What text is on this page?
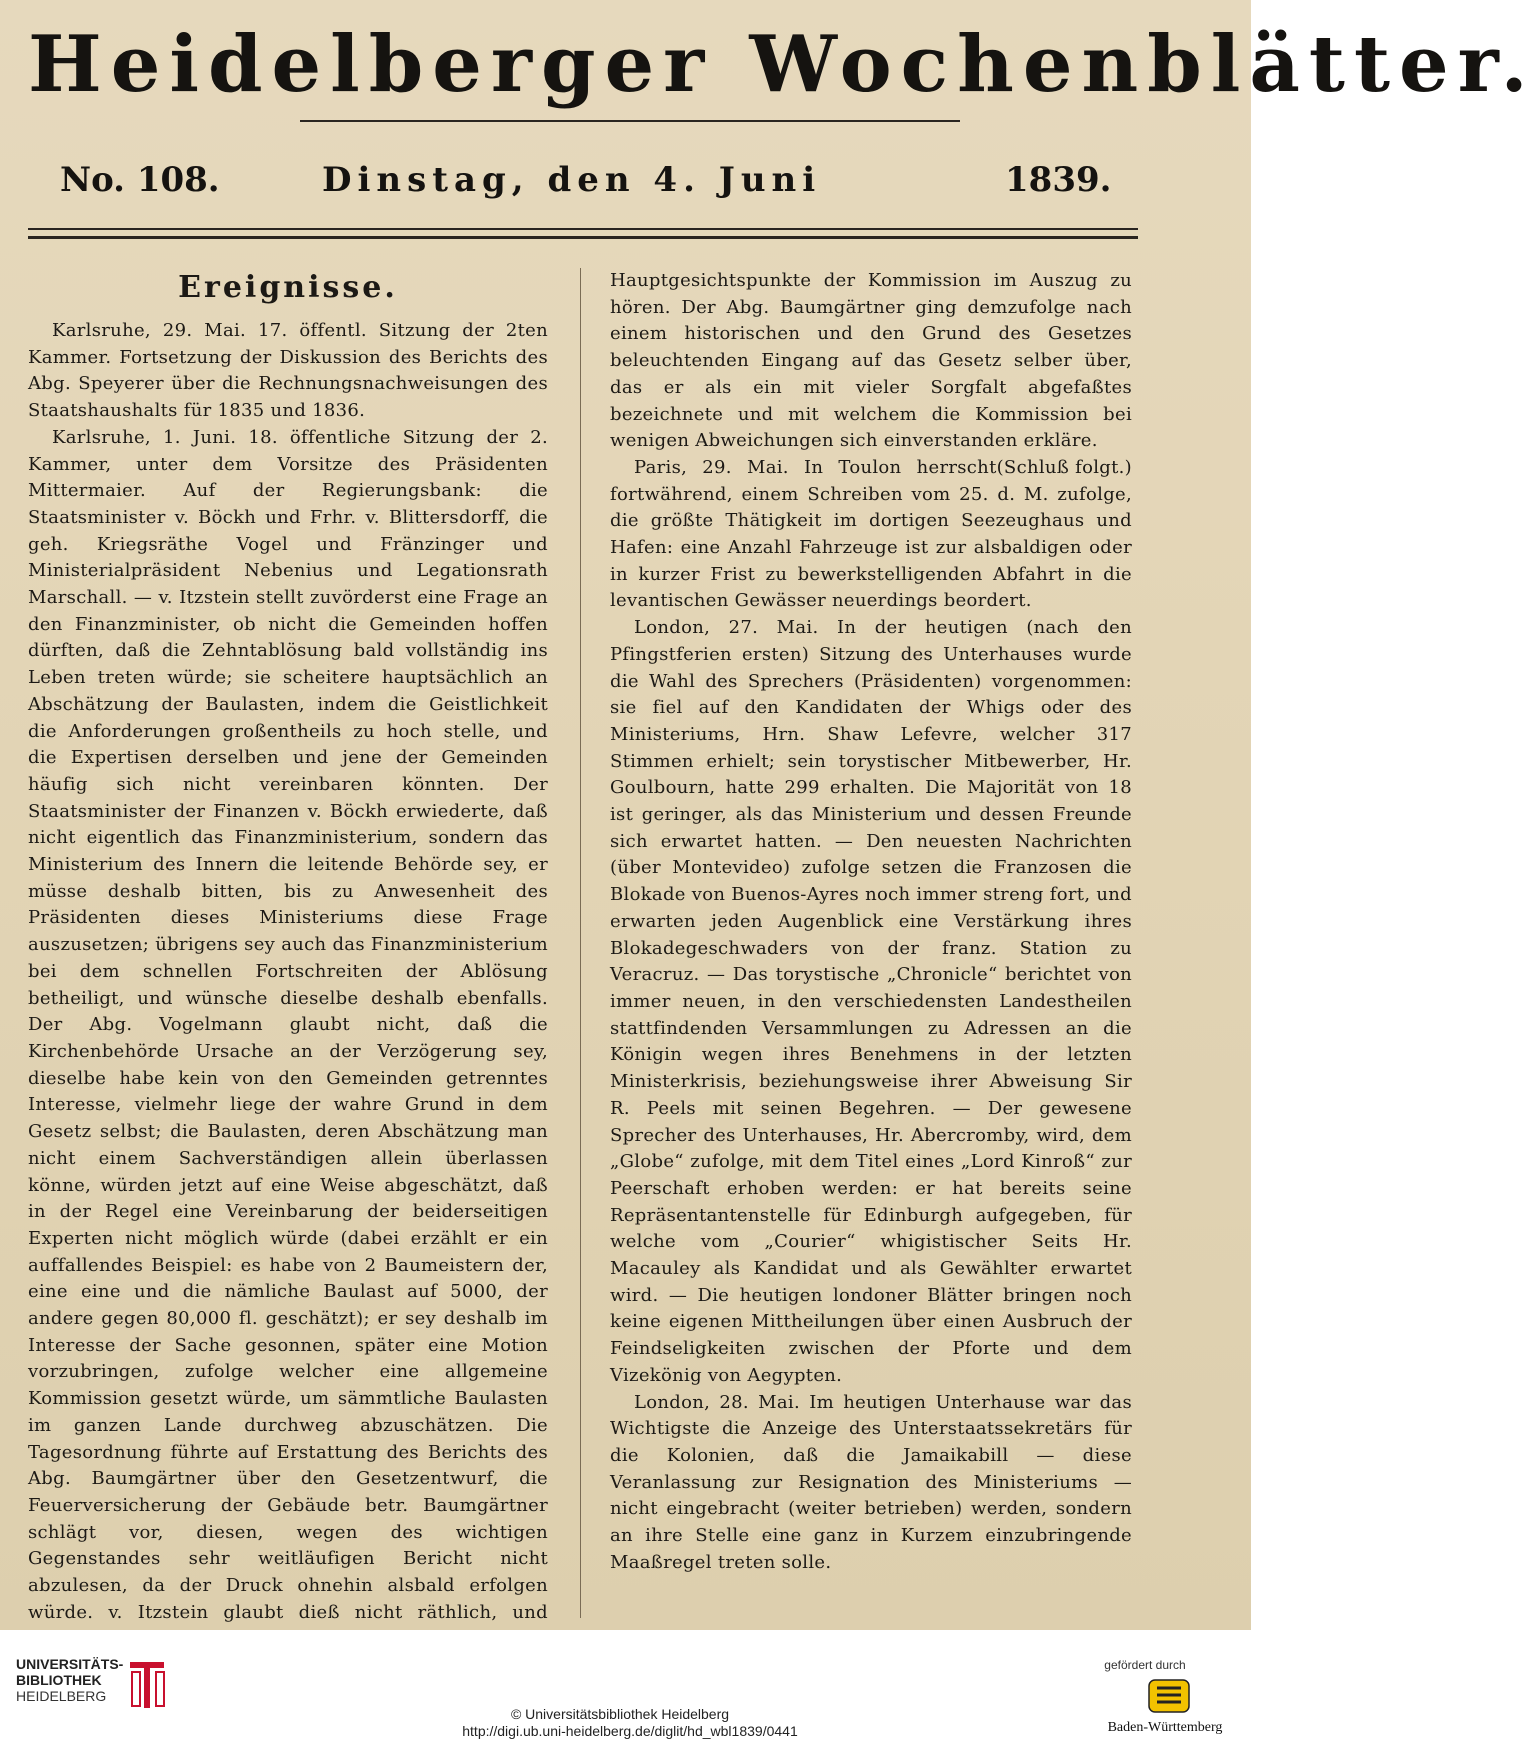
Heidelberger Wochenblätter.
No. 108.	Dinstag, den 4. Juni	1839.
Ereignisse.

Karlsruhe, 29. Mai. 17. öffentl. Sitzung der 2ten Kammer. Fortsetzung der Diskussion des Berichts des Abg. Speyerer über die Rechnungsnachweisungen des Staatshaushalts für 1835 und 1836.

Karlsruhe, 1. Juni. 18. öffentliche Sitzung der 2. Kammer, unter dem Vorsitze des Präsidenten Mittermaier. Auf der Regierungsbank: die Staatsminister v. Böckh und Frhr. v. Blittersdorff, die geh. Kriegsräthe Vogel und Fränzinger und Ministerialpräsident Nebenius und Legationsrath Marschall. — v. Itzstein stellt zuvörderst eine Frage an den Finanzminister, ob nicht die Gemeinden hoffen dürften, daß die Zehntablösung bald vollständig ins Leben treten würde; sie scheitere hauptsächlich an Abschätzung der Baulasten, indem die Geistlichkeit die Anforderungen großentheils zu hoch stelle, und die Expertisen derselben und jene der Gemeinden häufig sich nicht vereinbaren könnten. Der Staatsminister der Finanzen v. Böckh erwiederte, daß nicht eigentlich das Finanzministerium, sondern das Ministerium des Innern die leitende Behörde sey, er müsse deshalb bitten, bis zu Anwesenheit des Präsidenten dieses Ministeriums diese Frage auszusetzen; übrigens sey auch das Finanzministerium bei dem schnellen Fortschreiten der Ablösung betheiligt, und wünsche dieselbe deshalb ebenfalls. Der Abg. Vogelmann glaubt nicht, daß die Kirchenbehörde Ursache an der Verzögerung sey, dieselbe habe kein von den Gemeinden getrenntes Interesse, vielmehr liege der wahre Grund in dem Gesetz selbst; die Baulasten, deren Abschätzung man nicht einem Sachverständigen allein überlassen könne, würden jetzt auf eine Weise abgeschätzt, daß in der Regel eine Vereinbarung der beiderseitigen Experten nicht möglich würde (dabei erzählt er ein auffallendes Beispiel: es habe von 2 Baumeistern der, eine eine und die nämliche Baulast auf 5000, der andere gegen 80,000 fl. geschätzt); er sey deshalb im Interesse der Sache gesonnen, später eine Motion vorzubringen, zufolge welcher eine allgemeine Kommission gesetzt würde, um sämmtliche Baulasten im ganzen Lande durchweg abzuschätzen. Die Tagesordnung führte auf Erstattung des Berichts des Abg. Baumgärtner über den Gesetzentwurf, die Feuerversicherung der Gebäude betr. Baumgärtner schlägt vor, diesen, wegen des wichtigen Gegenstandes sehr weitläufigen Bericht nicht abzulesen, da der Druck ohnehin alsbald erfolgen würde. v. Itzstein glaubt dieß nicht räthlich, und

Hauptgesichtspunkte der Kommission im Auszug zu hören. Der Abg. Baumgärtner ging demzufolge nach einem historischen und den Grund des Gesetzes beleuchtenden Eingang auf das Gesetz selber über, das er als ein mit vieler Sorgfalt abgefaßtes bezeichnete und mit welchem die Kommission bei wenigen Abweichungen sich einverstanden erkläre.
(Schluß folgt.)

Paris, 29. Mai. In Toulon herrscht fortwährend, einem Schreiben vom 25. d. M. zufolge, die größte Thätigkeit im dortigen Seezeughaus und Hafen: eine Anzahl Fahrzeuge ist zur alsbaldigen oder in kurzer Frist zu bewerkstelligenden Abfahrt in die levantischen Gewässer neuerdings beordert.

London, 27. Mai. In der heutigen (nach den Pfingstferien ersten) Sitzung des Unterhauses wurde die Wahl des Sprechers (Präsidenten) vorgenommen: sie fiel auf den Kandidaten der Whigs oder des Ministeriums, Hrn. Shaw Lefevre, welcher 317 Stimmen erhielt; sein torystischer Mitbewerber, Hr. Goulbourn, hatte 299 erhalten. Die Majorität von 18 ist geringer, als das Ministerium und dessen Freunde sich erwartet hatten. — Den neuesten Nachrichten (über Montevideo) zufolge setzen die Franzosen die Blokade von Buenos-Ayres noch immer streng fort, und erwarten jeden Augenblick eine Verstärkung ihres Blokadegeschwaders von der franz. Station zu Veracruz. — Das torystische „Chronicle“ berichtet von immer neuen, in den verschiedensten Landestheilen stattfindenden Versammlungen zu Adressen an die Königin wegen ihres Benehmens in der letzten Ministerkrisis, beziehungsweise ihrer Abweisung Sir R. Peels mit seinen Begehren. — Der gewesene Sprecher des Unterhauses, Hr. Abercromby, wird, dem „Globe“ zufolge, mit dem Titel eines „Lord Kinroß“ zur Peerschaft erhoben werden: er hat bereits seine Repräsentantenstelle für Edinburgh aufgegeben, für welche vom „Courier“ whigistischer Seits Hr. Macauley als Kandidat und als Gewählter erwartet wird. — Die heutigen londoner Blätter bringen noch keine eigenen Mittheilungen über einen Ausbruch der Feindseligkeiten zwischen der Pforte und dem Vizekönig von Aegypten.

London, 28. Mai. Im heutigen Unterhause war das Wichtigste die Anzeige des Unterstaatssekretärs für die Kolonien, daß die Jamaikabill — diese Veranlassung zur Resignation des Ministeriums — nicht eingebracht (weiter betrieben) werden, sondern an ihre Stelle eine ganz in Kurzem einzubringende Maaßregel treten solle.

UNIVERSITÄTS-
BIBLIOTHEK
HEIDELBERG
© Universitätsbibliothek Heidelberg
http://digi.ub.uni-heidelberg.de/diglit/hd_wbl1839/0441
gefördert durch
Baden-Württemberg
